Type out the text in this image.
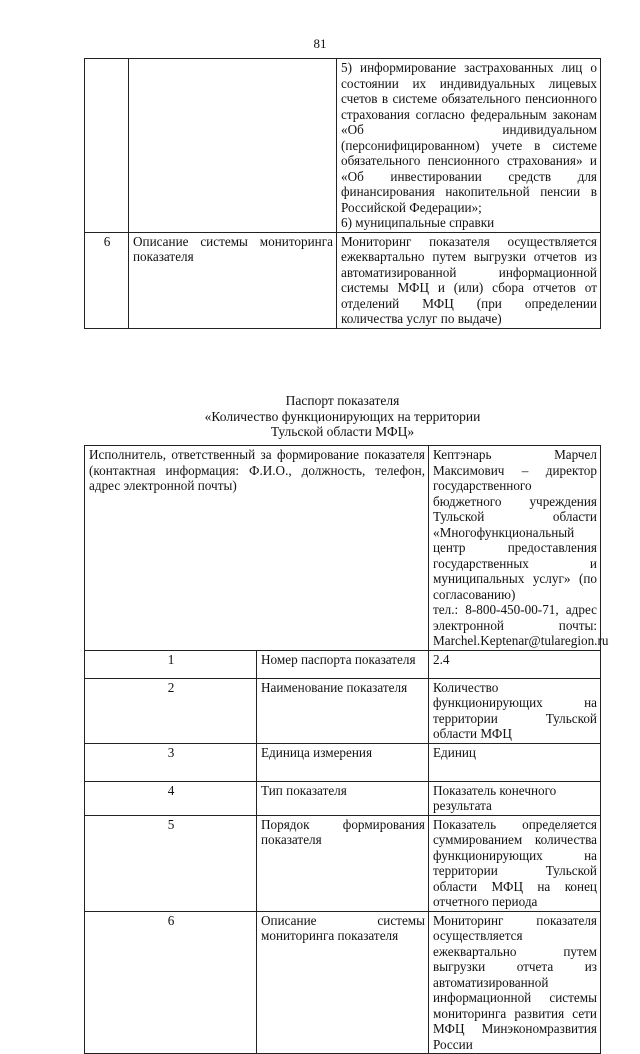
81

		5) информирование застрахованных лиц о состоянии их индивидуальных лицевых счетов в системе обязательного пенсионного страхования согласно федеральным законам «Об индивидуальном (персонифицированном) учете в системе обязательного пенсионного страхования» и «Об инвестировании средств для финансирования накопительной пенсии в Российской Федерации»;
6) муниципальные справки

6	Описание системы мониторинга показателя	Мониторинг показателя осуществляется ежеквартально путем выгрузки отчетов из автоматизированной информационной системы МФЦ и (или) сбора отчетов от отделений МФЦ (при определении количества услуг по выдаче)
Паспорт показателя
«Количество функционирующих на территории
Тульской области МФЦ»
Исполнитель, ответственный за формирование показателя (контактная информация: Ф.И.О., должность, телефон, адрес электронной почты)		Кептэнарь Марчел Максимович – директор государственного бюджетного учреждения Тульской области «Многофункциональный центр предоставления государственных и муниципальных услуг» (по согласованию)
тел.: 8-800-450-00-71, адрес электронной почты: Marchel.Keptenar@tularegion.ru

1	Номер паспорта показателя	2.4
2	Наименование показателя	Количество функционирующих на территории Тульской области МФЦ
3	Единица измерения	Единиц
4	Тип показателя	Показатель конечного результата
5	Порядок формирования показателя	Показатель определяется суммированием количества функционирующих на территории Тульской области МФЦ на конец отчетного периода
6	Описание системы мониторинга показателя	Мониторинг показателя осуществляется ежеквартально путем выгрузки отчета из автоматизированной информационной системы мониторинга развития сети МФЦ Минэкономразвития России
